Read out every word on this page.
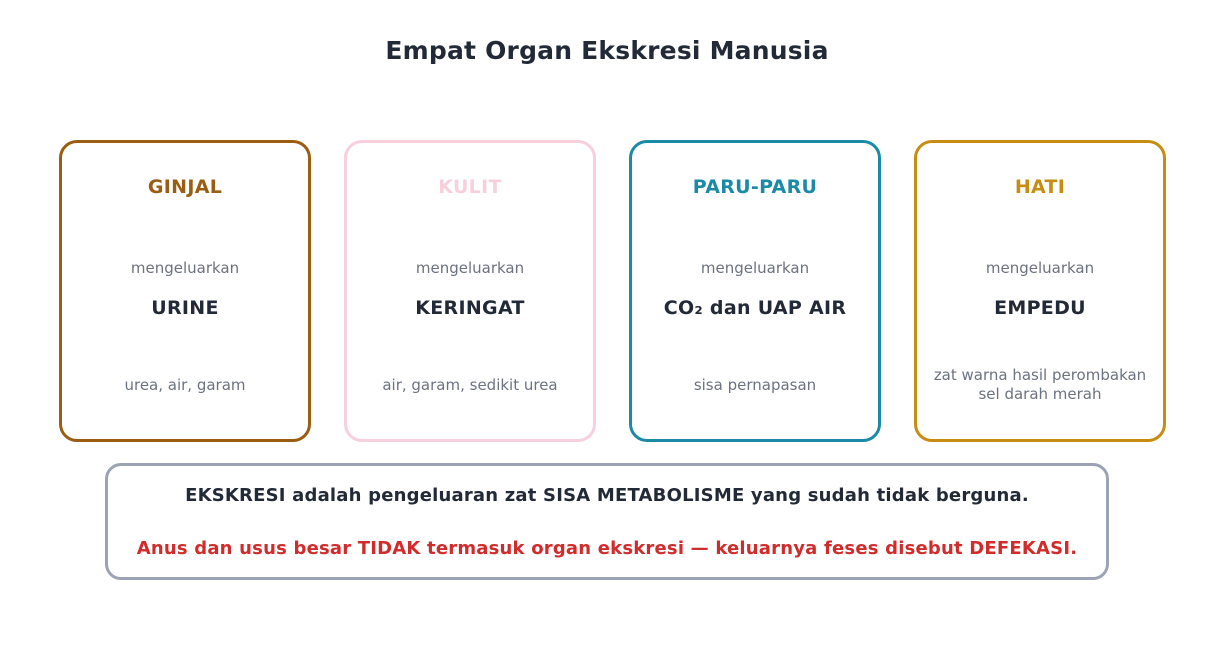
Empat Organ Ekskresi Manusia
GINJAL
mengeluarkan
URINE
urea, air, garam
KULIT
mengeluarkan
KERINGAT
air, garam, sedikit urea
PARU-PARU
mengeluarkan
CO₂ dan UAP AIR
sisa pernapasan
HATI
mengeluarkan
EMPEDU
zat warna hasil perombakan sel darah merah
EKSKRESI adalah pengeluaran zat SISA METABOLISME yang sudah tidak berguna.
Anus dan usus besar TIDAK termasuk organ ekskresi — keluarnya feses disebut DEFEKASI.
